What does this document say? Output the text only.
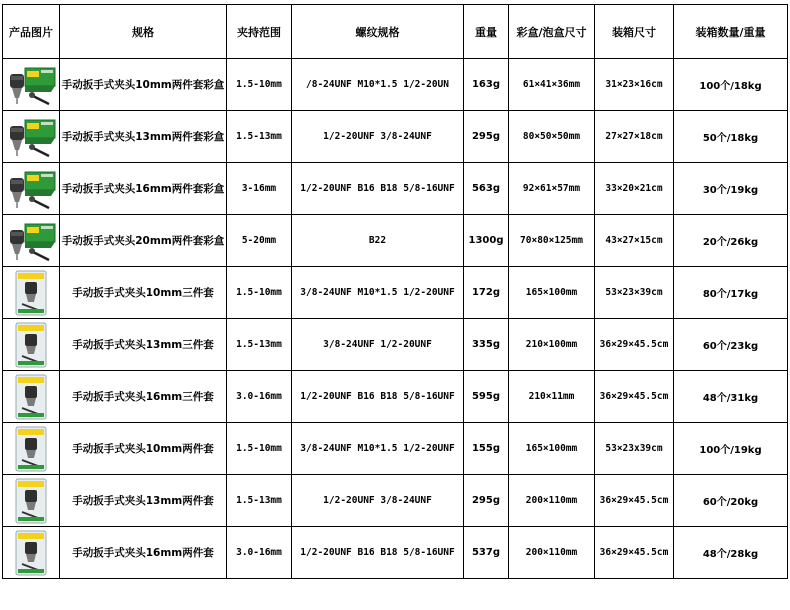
产品图片	规格	夹持范围	螺纹规格	重量	彩盒/泡盒尺寸	装箱尺寸	装箱数量/重量

	手动扳手式夹头10mm两件套彩盒	1.5-10mm	/8-24UNF M10*1.5 1/2-20UN	163g	61×41×36mm	31×23×16cm	100个/18kg

	手动扳手式夹头13mm两件套彩盒	1.5-13mm	1/2-20UNF 3/8-24UNF	295g	80×50×50mm	27×27×18cm	50个/18kg

	手动扳手式夹头16mm两件套彩盒	3-16mm	1/2-20UNF B16 B18 5/8-16UNF	563g	92×61×57mm	33×20×21cm	30个/19kg

	手动扳手式夹头20mm两件套彩盒	5-20mm	B22	1300g	70×80×125mm	43×27×15cm	20个/26kg

	手动扳手式夹头10mm三件套	1.5-10mm	3/8-24UNF M10*1.5 1/2-20UNF	172g	165×100mm	53×23×39cm	80个/17kg

	手动扳手式夹头13mm三件套	1.5-13mm	3/8-24UNF 1/2-20UNF	335g	210×100mm	36×29×45.5cm	60个/23kg

	手动扳手式夹头16mm三件套	3.0-16mm	1/2-20UNF B16 B18 5/8-16UNF	595g	210×11mm	36×29×45.5cm	48个/31kg

	手动扳手式夹头10mm两件套	1.5-10mm	3/8-24UNF M10*1.5 1/2-20UNF	155g	165×100mm	53×23x39cm	100个/19kg

	手动扳手式夹头13mm两件套	1.5-13mm	1/2-20UNF 3/8-24UNF	295g	200×110mm	36×29×45.5cm	60个/20kg

	手动扳手式夹头16mm两件套	3.0-16mm	1/2-20UNF B16 B18 5/8-16UNF	537g	200×110mm	36×29×45.5cm	48个/28kg
